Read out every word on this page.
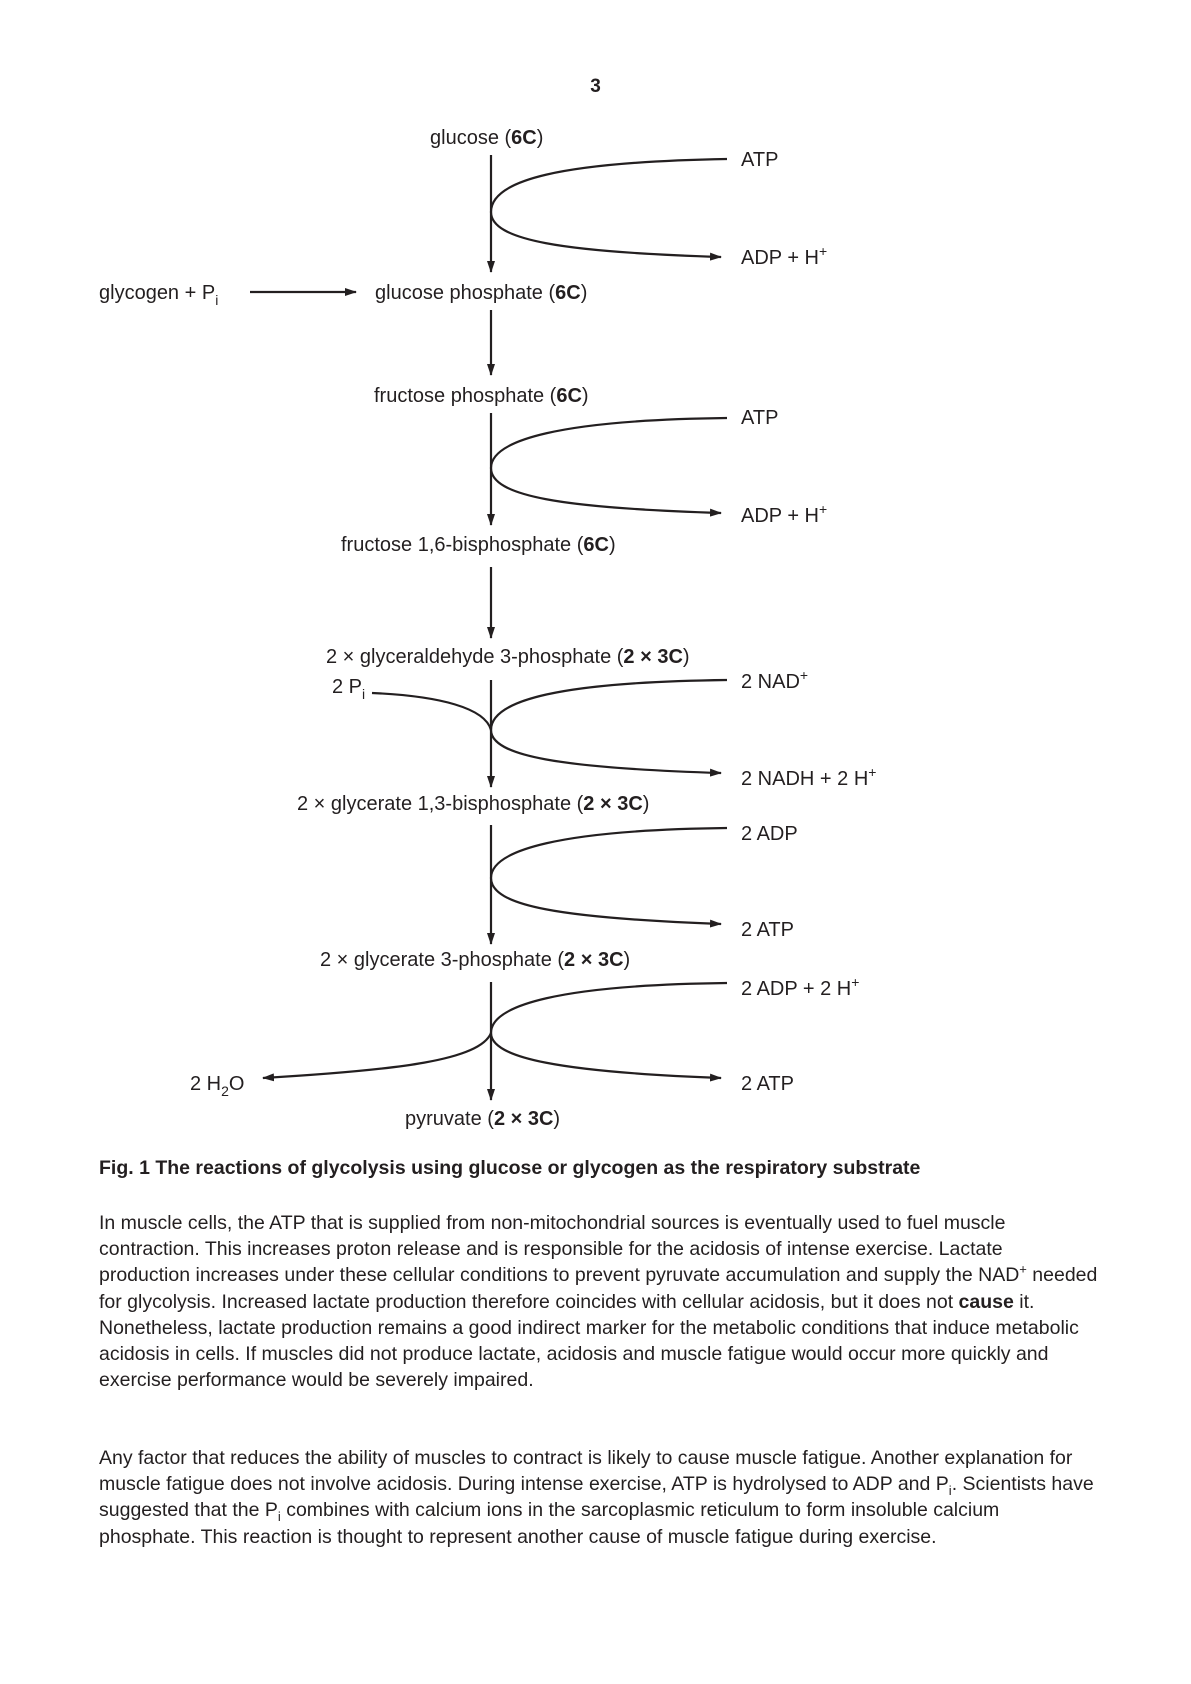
3
glucose (6C)
glycogen + $P_i$	glucose phosphate (6C)
fructose phosphate (6C)
fructose 1,6-bisphosphate (6C)
2 × glyceraldehyde 3-phosphate (2 × 3C)
2 $P_i$
2 × glycerate 1,3-bisphosphate (2 × 3C)
2 × glycerate 3-phosphate (2 × 3C)
pyruvate (2 × 3C)
2 $H_2O$
ATP
ADP + H+
ATP
ADP + H+
2 NAD+
2 NADH + 2 H+
2 ADP
2 ATP
2 ADP + 2 H+
2 ATP

Fig. 1 The reactions of glycolysis using glucose or glycogen as the respiratory substrate

In muscle cells, the ATP that is supplied from non-mitochondrial sources is eventually used to fuel muscle contraction. This increases proton release and is responsible for the acidosis of intense exercise. Lactate production increases under these cellular conditions to prevent pyruvate accumulation and supply the NAD+ needed for glycolysis. Increased lactate production therefore coincides with cellular acidosis, but it does not cause it. Nonetheless, lactate production remains a good indirect marker for the metabolic conditions that induce metabolic acidosis in cells. If muscles did not produce lactate, acidosis and muscle fatigue would occur more quickly and exercise performance would be severely impaired.

Any factor that reduces the ability of muscles to contract is likely to cause muscle fatigue. Another explanation for muscle fatigue does not involve acidosis. During intense exercise, ATP is hydrolysed to ADP and $P_i$. Scientists have suggested that the $P_i$ combines with calcium ions in the sarcoplasmic reticulum to form insoluble calcium phosphate. This reaction is thought to represent another cause of muscle fatigue during exercise.
